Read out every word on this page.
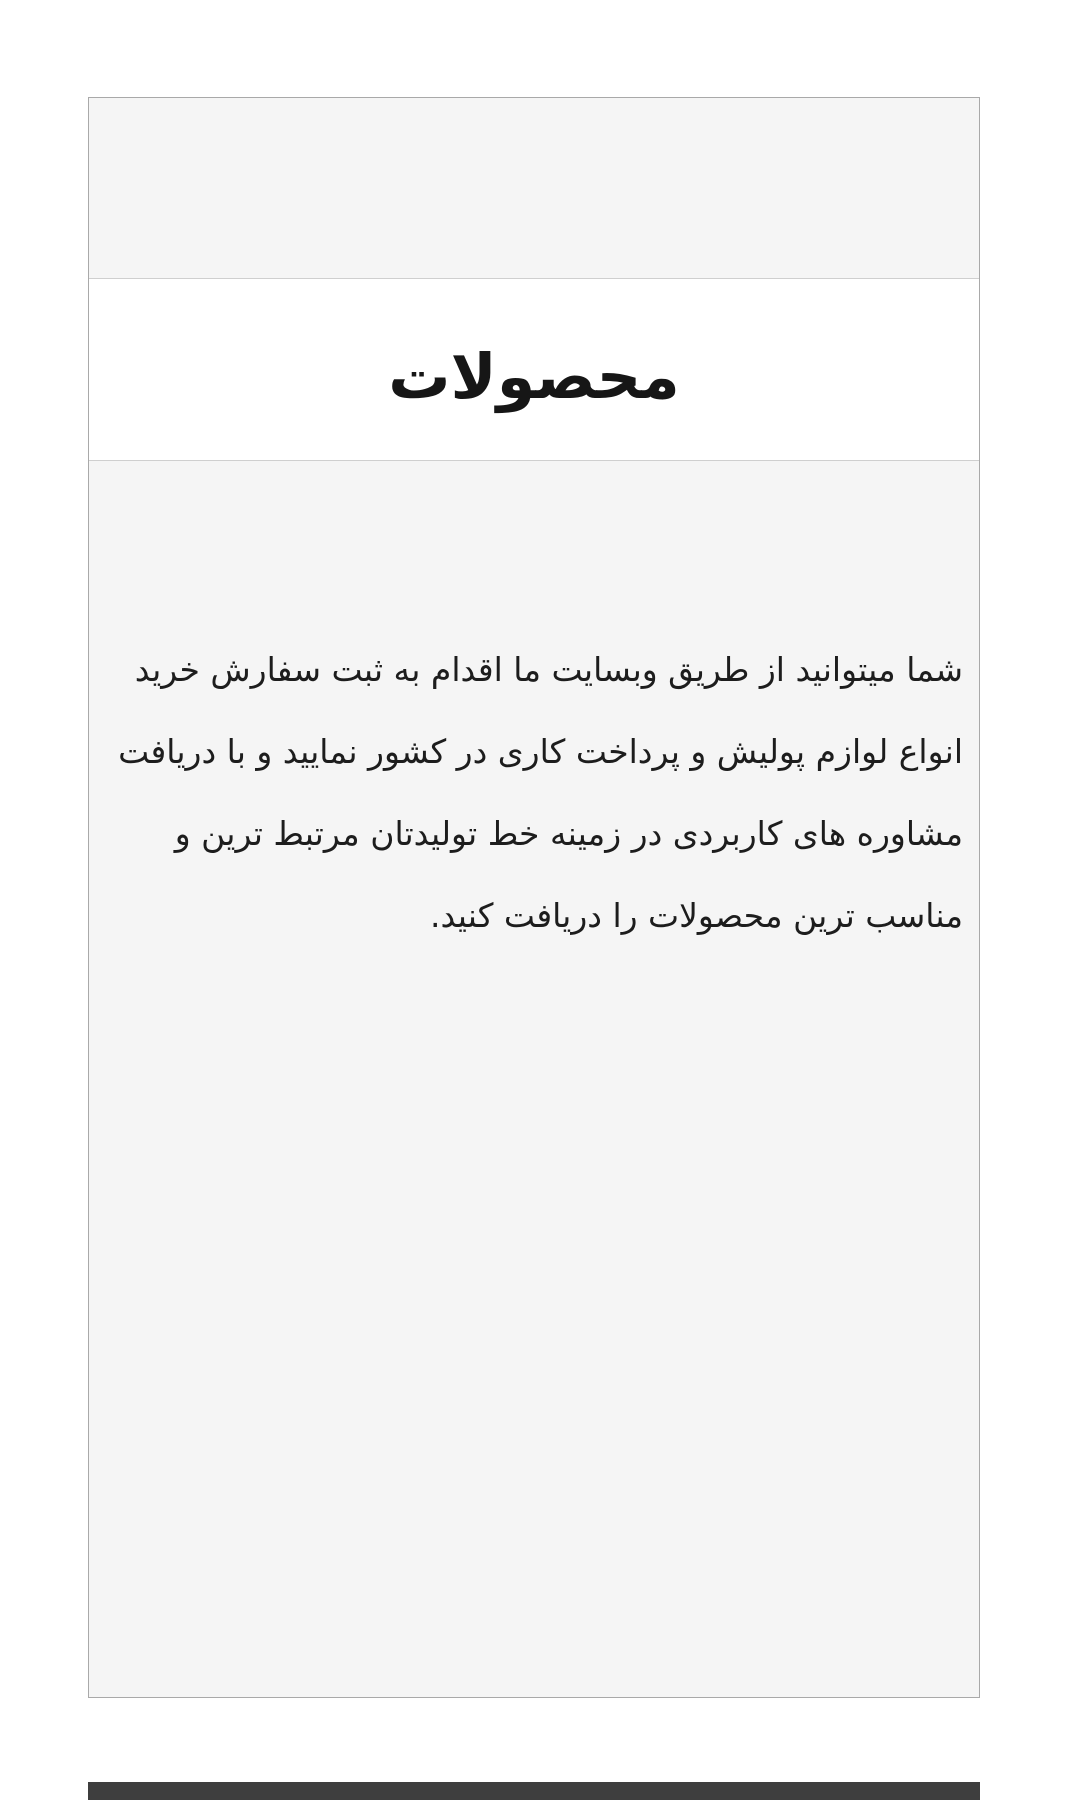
محصولات
شما میتوانید از طریق وبسایت ما اقدام به ثبت سفارش خرید
انواع لوازم پولیش و پرداخت کاری در کشور نمایید و با دریافت
مشاوره های کاربردی در زمینه خط تولیدتان مرتبط ترین و
مناسب ترین محصولات را دریافت کنید.
